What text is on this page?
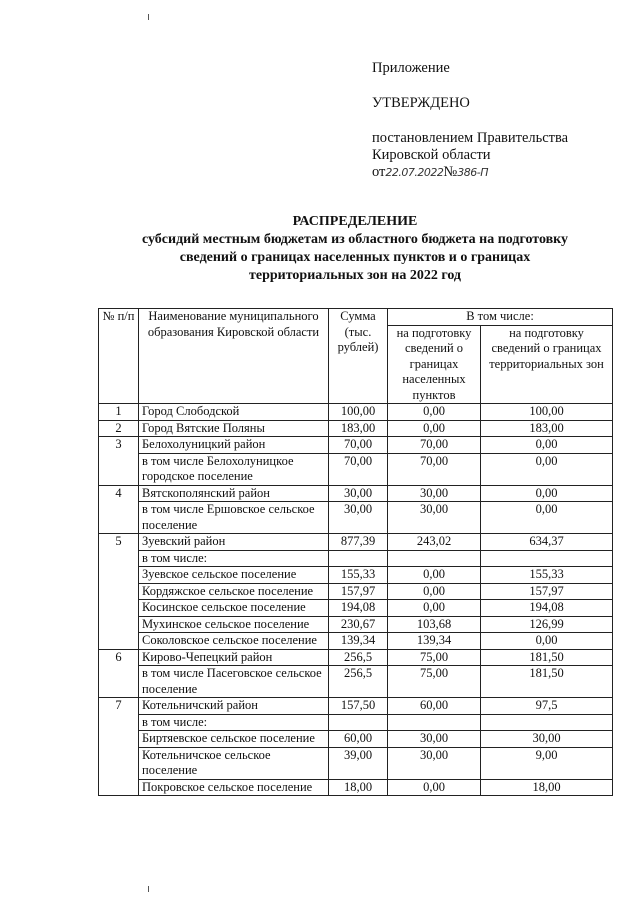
Приложение
УТВЕРЖДЕНО
постановлением Правительства
Кировской области
от22.07.2022№386-П
РАСПРЕДЕЛЕНИЕ
субсидий местным бюджетам из областного бюджета на подготовку
сведений о границах населенных пунктов и о границах
территориальных зон на 2022 год
№ п/п	Наименование муниципального образования Кировской области	Сумма (тыс. рублей)	В том числе:	
			на подготовку сведений о границах населенных пунктов	на подготовку сведений о границах территориальных зон
1	Город Слободской	100,00	0,00	100,00
2	Город Вятские Поляны	183,00	0,00	183,00
3	Белохолуницкий район	70,00	70,00	0,00
	в том числе Белохолуницкое городское поселение	70,00	70,00	0,00
4	Вятскополянский район	30,00	30,00	0,00
	в том числе Ершовское сельское поселение	30,00	30,00	0,00
5	Зуевский район	877,39	243,02	634,37
	в том числе:			
	Зуевское сельское поселение	155,33	0,00	155,33
	Кордяжское сельское поселение	157,97	0,00	157,97
	Косинское сельское поселение	194,08	0,00	194,08
	Мухинское сельское поселение	230,67	103,68	126,99
	Соколовское сельское поселение	139,34	139,34	0,00
6	Кирово-Чепецкий район	256,5	75,00	181,50
	в том числе Пасеговское сельское поселение	256,5	75,00	181,50
7	Котельничский район	157,50	60,00	97,5
	в том числе:			
	Биртяевское сельское поселение	60,00	30,00	30,00
	Котельничское сельское поселение	39,00	30,00	9,00
	Покровское сельское поселение	18,00	0,00	18,00
